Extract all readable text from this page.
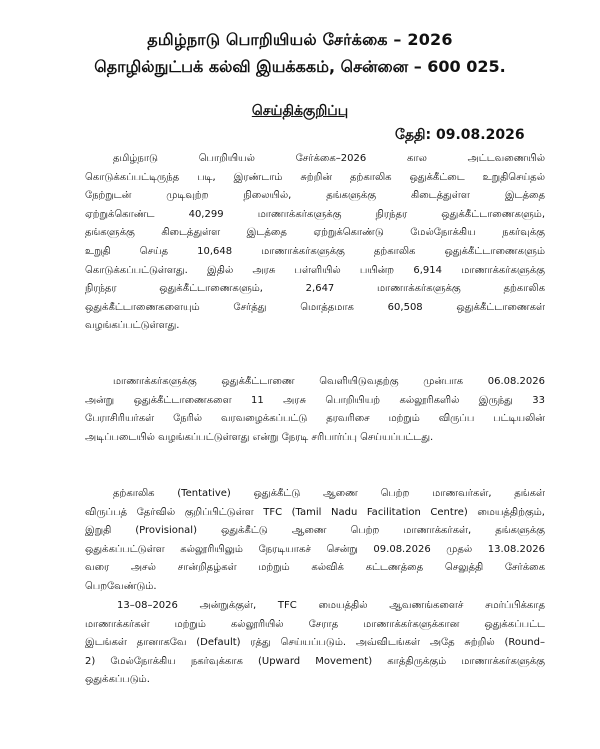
தமிழ்நாடு பொறியியல் சேர்க்கை – 2026
தொழில்நுட்பக் கல்வி இயக்ககம், சென்னை – 600 025.
செய்திக்குறிப்பு
தேதி: 09.08.2026
தமிழ்நாடு பொறியியல் சேர்க்கை–2026 கால அட்டவணையில்
கொடுக்கப்பட்டிருந்த படி, இரண்டாம் சுற்றின் தற்காலிக ஒதுக்கீட்டை உறுதிசெய்தல்
நேற்றுடன் முடிவுற்ற நிலையில், தங்களுக்கு கிடைத்துள்ள இடத்தை
ஏற்றுக்கொண்ட 40,299 மாணாக்கர்களுக்கு நிரந்தர ஒதுக்கீட்டாணைகளும்,
தங்களுக்கு கிடைத்துள்ள இடத்தை ஏற்றுக்கொண்டு மேல்நோக்கிய நகர்வுக்கு
உறுதி செய்த 10,648 மாணாக்கர்களுக்கு தற்காலிக ஒதுக்கீட்டாணைகளும்
கொடுக்கப்பட்டுள்ளது. இதில் அரசு பள்ளியில் பயின்ற 6,914 மாணாக்கர்களுக்கு
நிரந்தர ஒதுக்கீட்டாணைகளும், 2,647 மாணாக்கர்களுக்கு தற்காலிக
ஒதுக்கீட்டாணைகளையும் சேர்த்து மொத்தமாக 60,508 ஒதுக்கீட்டாணைகள்
வழங்கப்பட்டுள்ளது.
மாணாக்கர்களுக்கு ஒதுக்கீட்டாணை வெளியிடுவதற்கு முன்பாக 06.08.2026
அன்று ஒதுக்கீட்டாணைகளை 11 அரசு பொறியியற் கல்லூரிகளில் இருந்து 33
பேராசிரியர்கள் நேரில் வரவழைக்கப்பட்டு தரவரிசை மற்றும் விருப்ப பட்டியலின்
அடிப்படையில் வழங்கப்பட்டுள்ளது என்று நேரடி சரிபார்ப்பு செய்யப்பட்டது.
தற்காலிக (Tentative) ஒதுக்கீட்டு ஆணை பெற்ற மாணவர்கள், தங்கள்
விருப்பத் தேர்வில் குறிப்பிட்டுள்ள TFC (Tamil Nadu Facilitation Centre) மையத்திற்கும்,
இறுதி (Provisional) ஒதுக்கீட்டு ஆணை பெற்ற மாணாக்கர்கள், தங்களுக்கு
ஒதுக்கப்பட்டுள்ள கல்லூரியிலும் நேரடியாகச் சென்று 09.08.2026 முதல் 13.08.2026
வரை அசல் சான்றிதழ்கள் மற்றும் கல்விக் கட்டணத்தை செலுத்தி சேர்க்கை
பெறவேண்டும்.
13–08–2026 அன்றுக்குள், TFC மையத்தில் ஆவணங்களைச் சமர்ப்பிக்காத
மாணாக்கர்கள் மற்றும் கல்லூரியில் சேராத மாணாக்கர்களுக்கான ஒதுக்கப்பட்ட
இடங்கள் தானாகவே (Default) ரத்து செய்யப்படும். அவ்விடங்கள் அதே சுற்றில் (Round–
2) மேல்நோக்கிய நகர்வுக்காக (Upward Movement) காத்திருக்கும் மாணாக்கர்களுக்கு
ஒதுக்கப்படும்.
